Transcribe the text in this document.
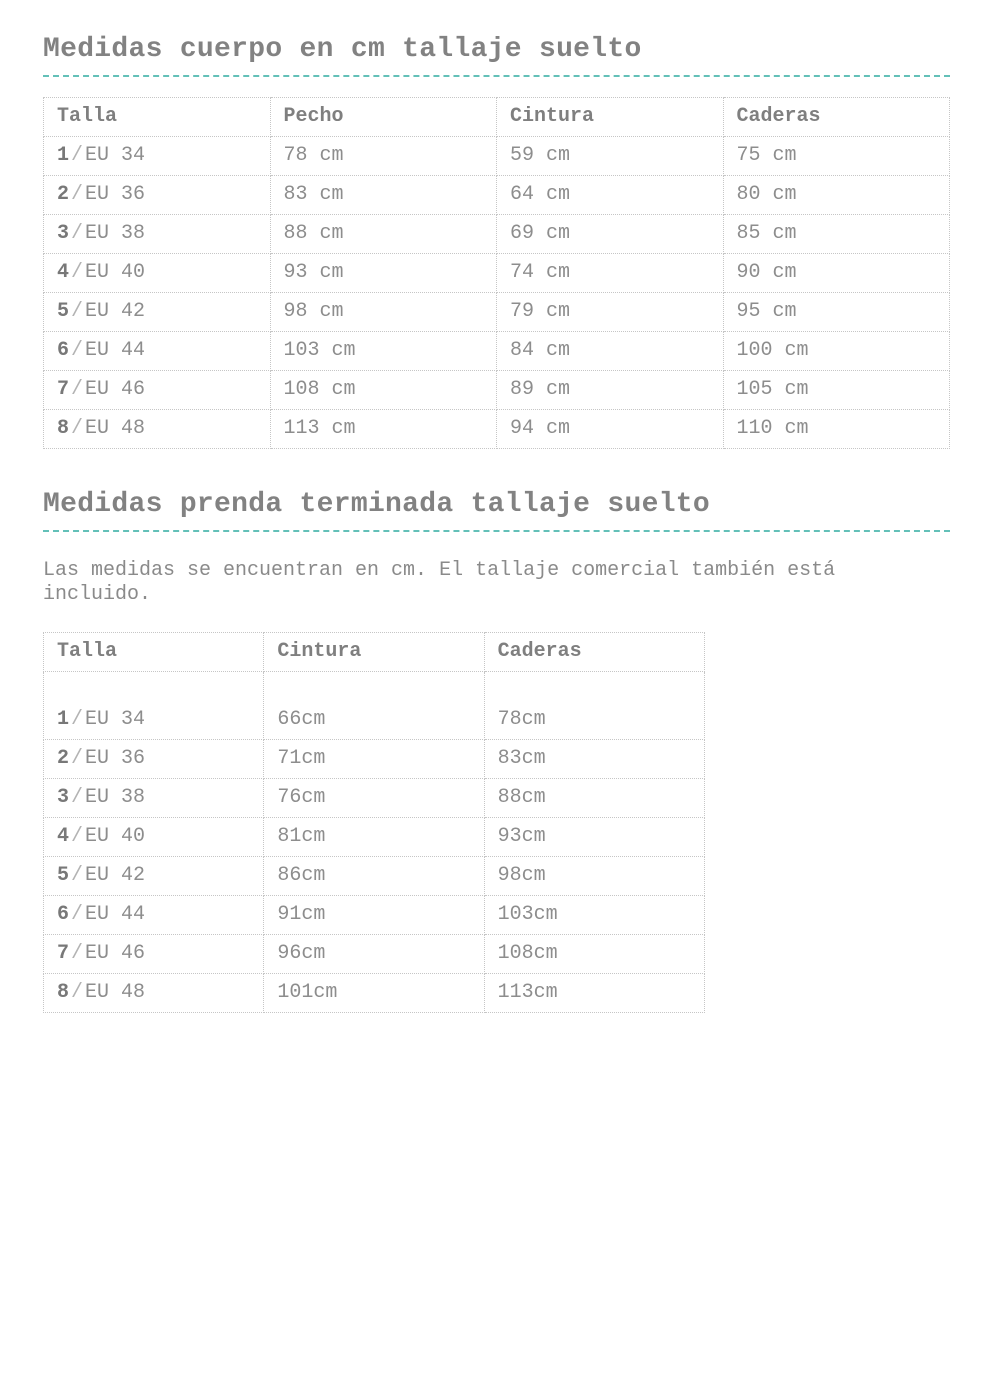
Medidas cuerpo en cm tallaje suelto
Talla	Pecho	Cintura	Caderas
1 / EU 34	78 cm	59 cm	75 cm
2 / EU 36	83 cm	64 cm	80 cm
3 / EU 38	88 cm	69 cm	85 cm
4 / EU 40	93 cm	74 cm	90 cm
5 / EU 42	98 cm	79 cm	95 cm
6 / EU 44	103 cm	84 cm	100 cm
7 / EU 46	108 cm	89 cm	105 cm
8 / EU 48	113 cm	94 cm	110 cm
Medidas prenda terminada tallaje suelto

Las medidas se encuentran en cm. El tallaje comercial también está incluido.

Talla	Cintura	Caderas
1 / EU 34	66cm	78cm
2 / EU 36	71cm	83cm
3 / EU 38	76cm	88cm
4 / EU 40	81cm	93cm
5 / EU 42	86cm	98cm
6 / EU 44	91cm	103cm
7 / EU 46	96cm	108cm
8 / EU 48	101cm	113cm
